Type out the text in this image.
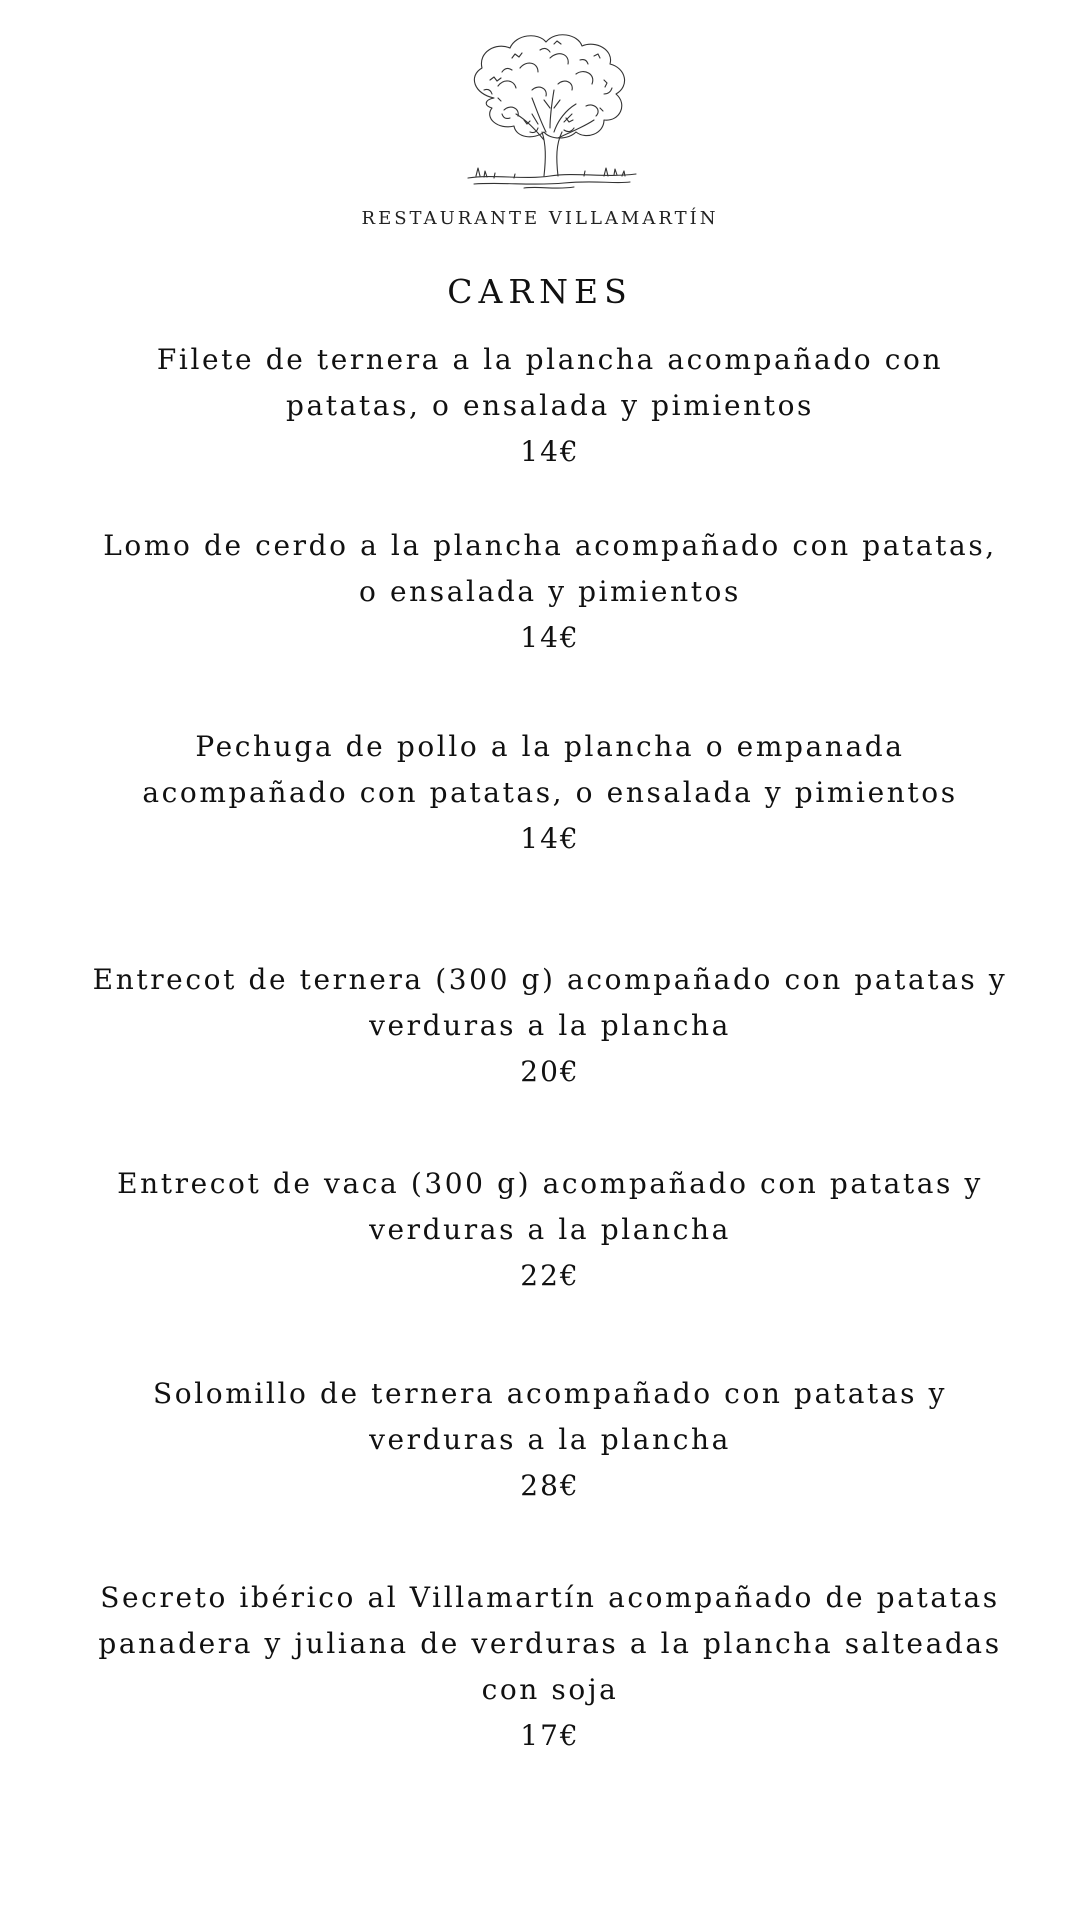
RESTAURANTE VILLAMARTÍN
CARNES
Filete de ternera a la plancha acompañado con patatas, o ensalada y pimientos
14€
Lomo de cerdo a la plancha acompañado con patatas, o ensalada y pimientos
14€
Pechuga de pollo a la plancha o empanada acompañado con patatas, o ensalada y pimientos
14€
Entrecot de ternera (300 g) acompañado con patatas y verduras a la plancha
20€
Entrecot de vaca (300 g) acompañado con patatas y verduras a la plancha
22€
Solomillo de ternera acompañado con patatas y verduras a la plancha
28€
Secreto ibérico al Villamartín acompañado de patatas panadera y juliana de verduras a la plancha salteadas con soja
17€
